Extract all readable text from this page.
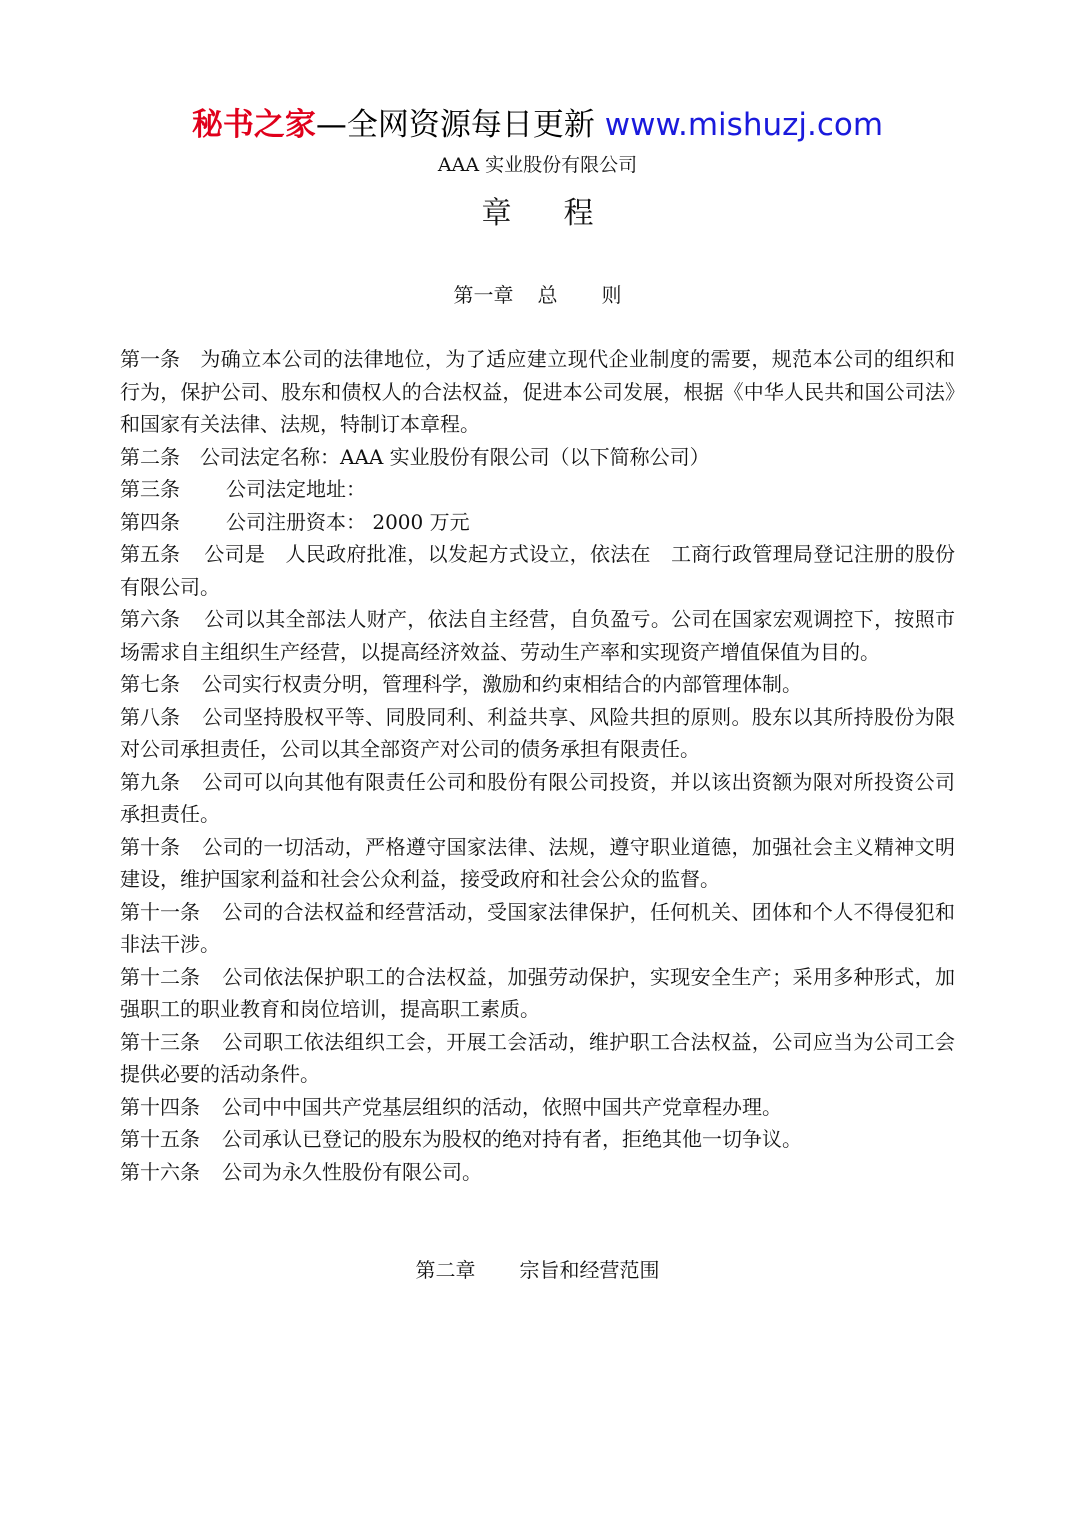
秘书之家—全网资源每日更新 www.mishuzj.com
AAA 实业股份有限公司
章 程
第一章 总 则

第一条 为确立本公司的法律地位，为了适应建立现代企业制度的需要，规范本公司的组织和行为，保护公司、股东和债权人的合法权益，促进本公司发展，根据《中华人民共和国公司法》和国家有关法律、法规，特制订本章程。

第二条 公司法定名称：AAA 实业股份有限公司（以下简称公司）

第三条 公司法定地址：

第四条 公司注册资本： 2000 万元

第五条 公司是　人民政府批准，以发起方式设立，依法在　工商行政管理局登记注册的股份有限公司。

第六条 公司以其全部法人财产，依法自主经营，自负盈亏。公司在国家宏观调控下，按照市场需求自主组织生产经营，以提高经济效益、劳动生产率和实现资产增值保值为目的。

第七条 公司实行权责分明，管理科学，激励和约束相结合的内部管理体制。

第八条 公司坚持股权平等、同股同利、利益共享、风险共担的原则。股东以其所持股份为限对公司承担责任，公司以其全部资产对公司的债务承担有限责任。

第九条 公司可以向其他有限责任公司和股份有限公司投资，并以该出资额为限对所投资公司承担责任。

第十条 公司的一切活动，严格遵守国家法律、法规，遵守职业道德，加强社会主义精神文明建设，维护国家利益和社会公众利益，接受政府和社会公众的监督。

第十一条 公司的合法权益和经营活动，受国家法律保护，任何机关、团体和个人不得侵犯和非法干涉。

第十二条 公司依法保护职工的合法权益，加强劳动保护，实现安全生产；采用多种形式，加强职工的职业教育和岗位培训，提高职工素质。

第十三条 公司职工依法组织工会，开展工会活动，维护职工合法权益，公司应当为公司工会提供必要的活动条件。

第十四条 公司中中国共产党基层组织的活动，依照中国共产党章程办理。

第十五条 公司承认已登记的股东为股权的绝对持有者，拒绝其他一切争议。

第十六条 公司为永久性股份有限公司。

第二章 宗旨和经营范围
